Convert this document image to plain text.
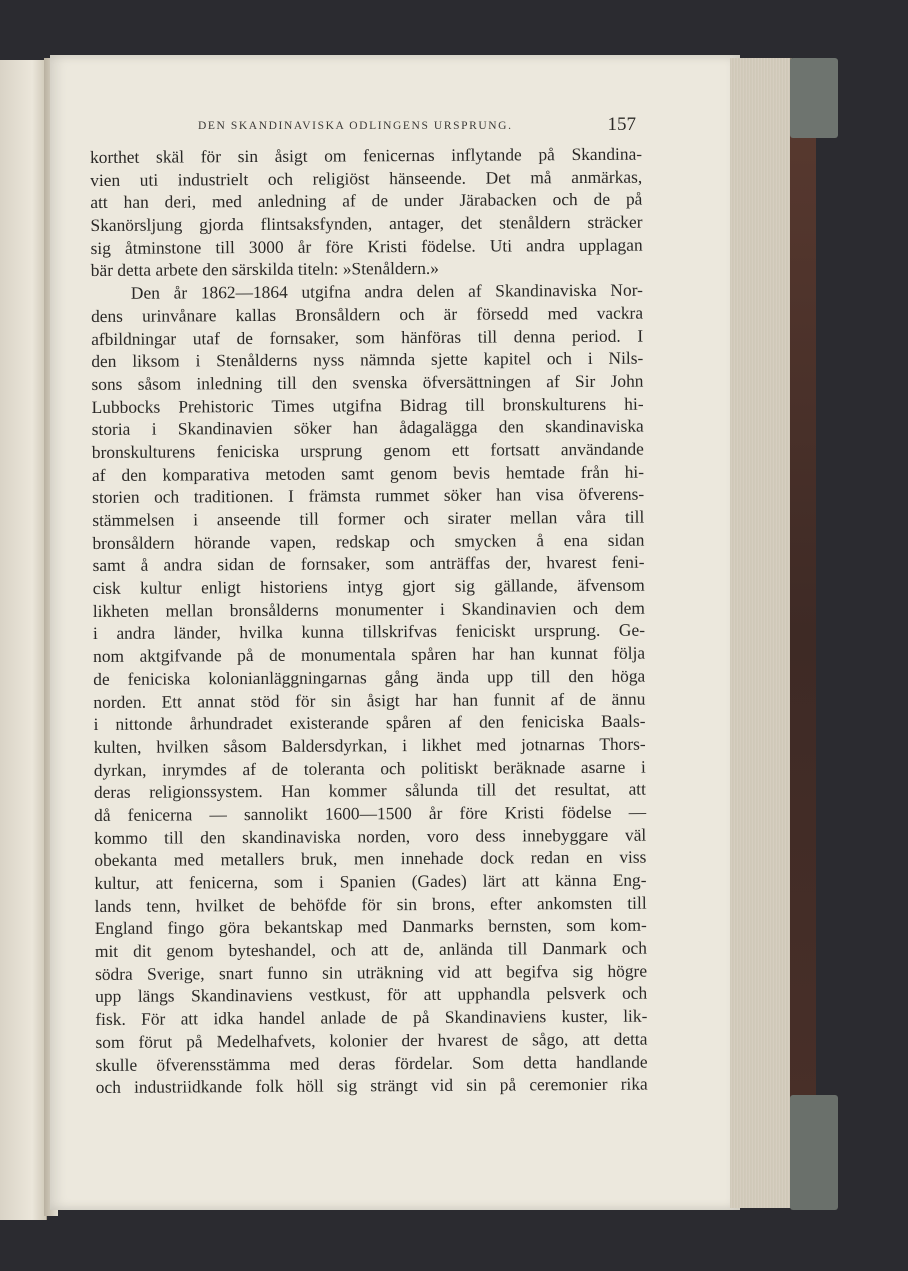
DEN SKANDINAVISKA ODLINGENS URSPRUNG.	157
korthet skäl för sin åsigt om fenicernas inflytande på Skandina-
vien uti industrielt och religiöst hänseende. Det må anmärkas,
att han deri, med anledning af de under Järabacken och de på
Skanörsljung gjorda flintsaksfynden, antager, det stenåldern sträcker
sig åtminstone till 3000 år före Kristi födelse. Uti andra upplagan
bär detta arbete den särskilda titeln: »Stenåldern.»
Den år 1862—1864 utgifna andra delen af Skandinaviska Nor-
dens urinvånare kallas Bronsåldern och är försedd med vackra
afbildningar utaf de fornsaker, som hänföras till denna period. I
den liksom i Stenålderns nyss nämnda sjette kapitel och i Nils-
sons såsom inledning till den svenska öfversättningen af Sir John
Lubbocks Prehistoric Times utgifna Bidrag till bronskulturens hi-
storia i Skandinavien söker han ådagalägga den skandinaviska
bronskulturens feniciska ursprung genom ett fortsatt användande
af den komparativa metoden samt genom bevis hemtade från hi-
storien och traditionen. I främsta rummet söker han visa öfverens-
stämmelsen i anseende till former och sirater mellan våra till
bronsåldern hörande vapen, redskap och smycken å ena sidan
samt å andra sidan de fornsaker, som anträffas der, hvarest feni-
cisk kultur enligt historiens intyg gjort sig gällande, äfvensom
likheten mellan bronsålderns monumenter i Skandinavien och dem
i andra länder, hvilka kunna tillskrifvas feniciskt ursprung. Ge-
nom aktgifvande på de monumentala spåren har han kunnat följa
de feniciska kolonianläggningarnas gång ända upp till den höga
norden. Ett annat stöd för sin åsigt har han funnit af de ännu
i nittonde århundradet existerande spåren af den feniciska Baals-
kulten, hvilken såsom Baldersdyrkan, i likhet med jotnarnas Thors-
dyrkan, inrymdes af de toleranta och politiskt beräknade asarne i
deras religionssystem. Han kommer sålunda till det resultat, att
då fenicerna — sannolikt 1600—1500 år före Kristi födelse —
kommo till den skandinaviska norden, voro dess innebyggare väl
obekanta med metallers bruk, men innehade dock redan en viss
kultur, att fenicerna, som i Spanien (Gades) lärt att känna Eng-
lands tenn, hvilket de behöfde för sin brons, efter ankomsten till
England fingo göra bekantskap med Danmarks bernsten, som kom-
mit dit genom byteshandel, och att de, anlända till Danmark och
södra Sverige, snart funno sin uträkning vid att begifva sig högre
upp längs Skandinaviens vestkust, för att upphandla pelsverk och
fisk. För att idka handel anlade de på Skandinaviens kuster, lik-
som förut på Medelhafvets, kolonier der hvarest de sågo, att detta
skulle öfverensstämma med deras fördelar. Som detta handlande
och industriidkande folk höll sig strängt vid sin på ceremonier rika
